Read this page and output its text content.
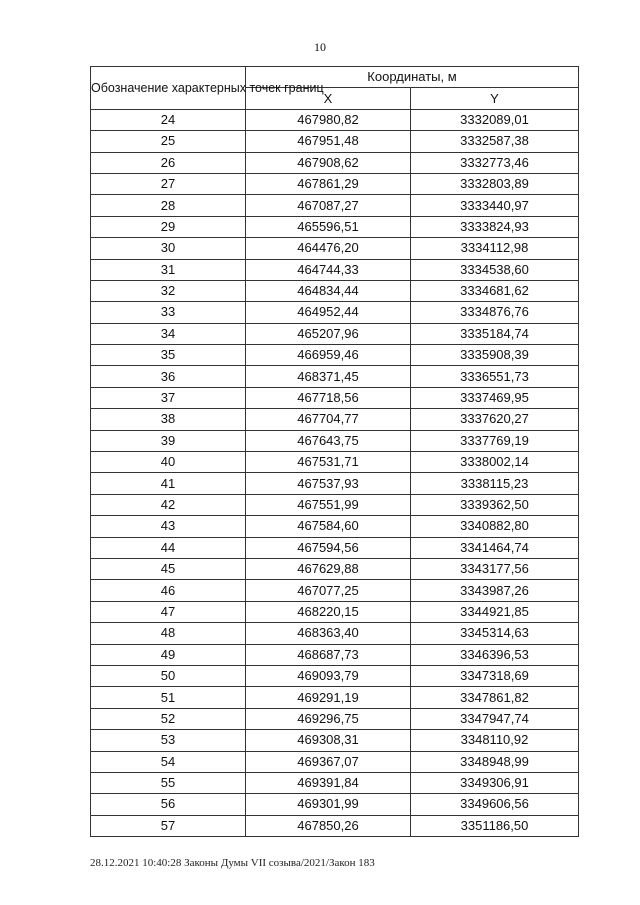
10
Обозначение характерных точек границ	Координаты, м	
	X	Y
24	467980,82	3332089,01
25	467951,48	3332587,38
26	467908,62	3332773,46
27	467861,29	3332803,89
28	467087,27	3333440,97
29	465596,51	3333824,93
30	464476,20	3334112,98
31	464744,33	3334538,60
32	464834,44	3334681,62
33	464952,44	3334876,76
34	465207,96	3335184,74
35	466959,46	3335908,39
36	468371,45	3336551,73
37	467718,56	3337469,95
38	467704,77	3337620,27
39	467643,75	3337769,19
40	467531,71	3338002,14
41	467537,93	3338115,23
42	467551,99	3339362,50
43	467584,60	3340882,80
44	467594,56	3341464,74
45	467629,88	3343177,56
46	467077,25	3343987,26
47	468220,15	3344921,85
48	468363,40	3345314,63
49	468687,73	3346396,53
50	469093,79	3347318,69
51	469291,19	3347861,82
52	469296,75	3347947,74
53	469308,31	3348110,92
54	469367,07	3348948,99
55	469391,84	3349306,91
56	469301,99	3349606,56
57	467850,26	3351186,50
28.12.2021 10:40:28 Законы Думы VII созыва/2021/Закон 183
